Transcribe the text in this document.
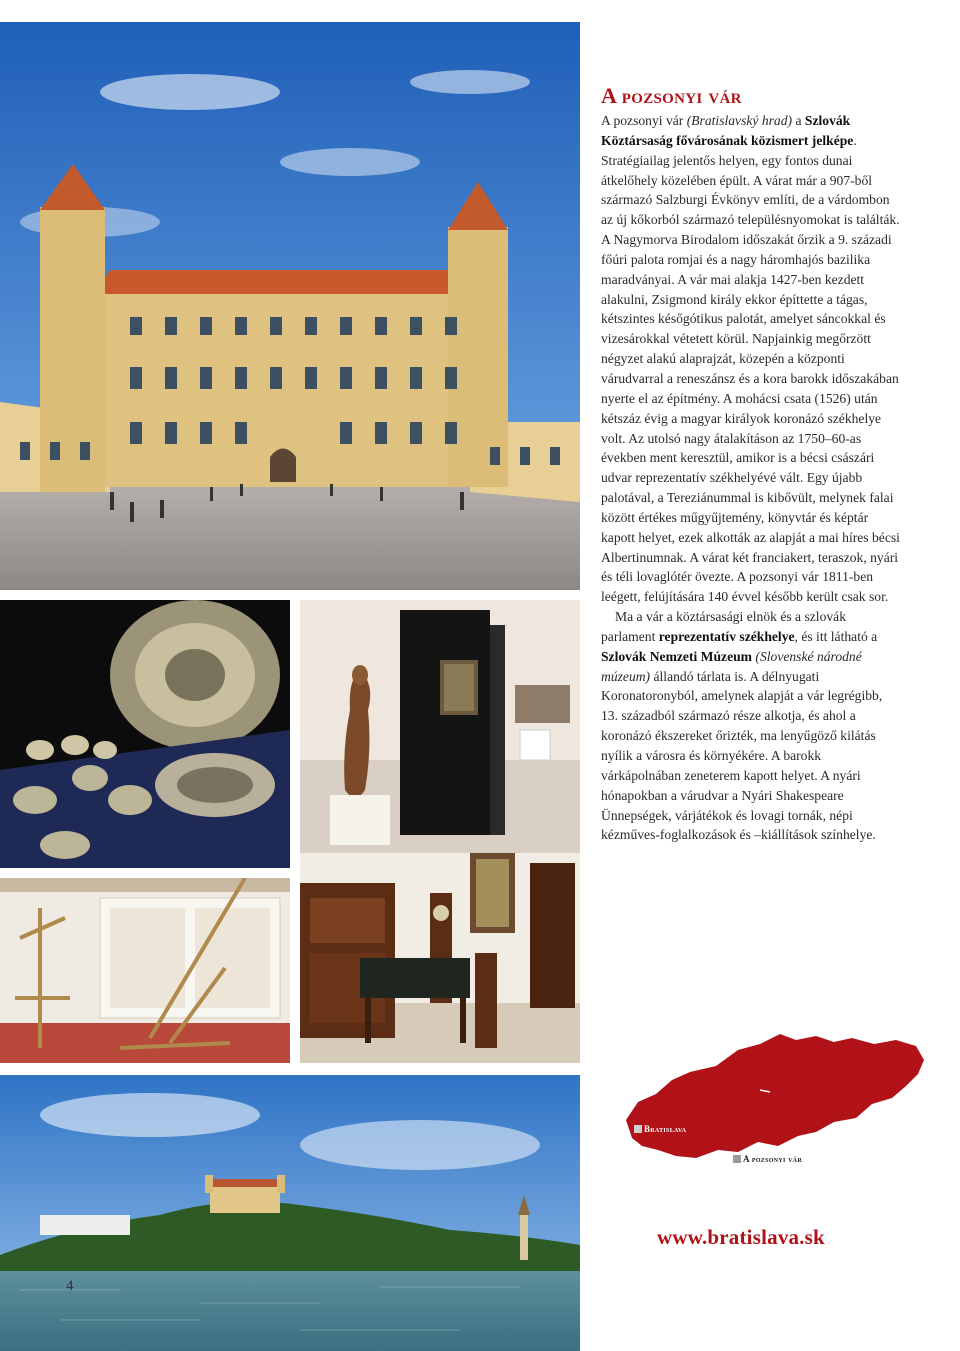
4
A pozsonyi vár

A pozsonyi vár (Bratislavský hrad) a Szlovák Köztársaság fővárosának közismert jelképe. Stratégiailag jelentős helyen, egy fontos dunai átkelőhely közelében épült. A várat már a 907-ből származó Salzburgi Évkönyv említi, de a várdombon az új kőkorból származó településnyomokat is találták. A Nagymorva Birodalom időszakát őrzik a 9. századi főúri palota romjai és a nagy háromhajós bazilika maradványai. A vár mai alakja 1427-ben kezdett alakulni, Zsigmond király ekkor építtette a tágas, kétszintes későgótikus palotát, amelyet sáncokkal és vizesárokkal vétetett körül. Napjainkig megőrzött négyzet alakú alaprajzát, közepén a központi várudvarral a reneszánsz és a kora barokk időszakában nyerte el az építmény. A mohácsi csata (1526) után kétszáz évig a magyar királyok koronázó székhelye volt. Az utolsó nagy átalakításon az 1750–60-as években ment keresztül, amikor is a bécsi császári udvar reprezentatív székhelyévé vált. Egy újabb palotával, a Tereziánummal is kibővült, melynek falai között értékes műgyűjtemény, könyvtár és képtár kapott helyet, ezek alkották az alapját a mai híres bécsi Albertinumnak. A várat két franciakert, teraszok, nyári és téli lovaglótér övezte. A pozsonyi vár 1811-ben leégett, felújítására 140 évvel később került csak sor.

Ma a vár a köztársasági elnök és a szlovák parlament reprezentatív székhelye, és itt látható a Szlovák Nemzeti Múzeum (Slovenské národné múzeum) állandó tárlata is. A délnyugati Koronatoronyból, amelynek alapját a vár legrégibb, 13. századból származó része alkotja, és ahol a koronázó ékszereket őrizték, ma lenyűgöző kilátás nyílik a városra és környékére. A barokk várkápolnában zeneterem kapott helyet. A nyári hónapokban a várudvar a Nyári Shakespeare Ünnepségek, várjátékok és lovagi tornák, népi kézműves-foglalkozások és –kiállítások színhelye.

Bratislava
A pozsonyi vár
www.bratislava.sk
